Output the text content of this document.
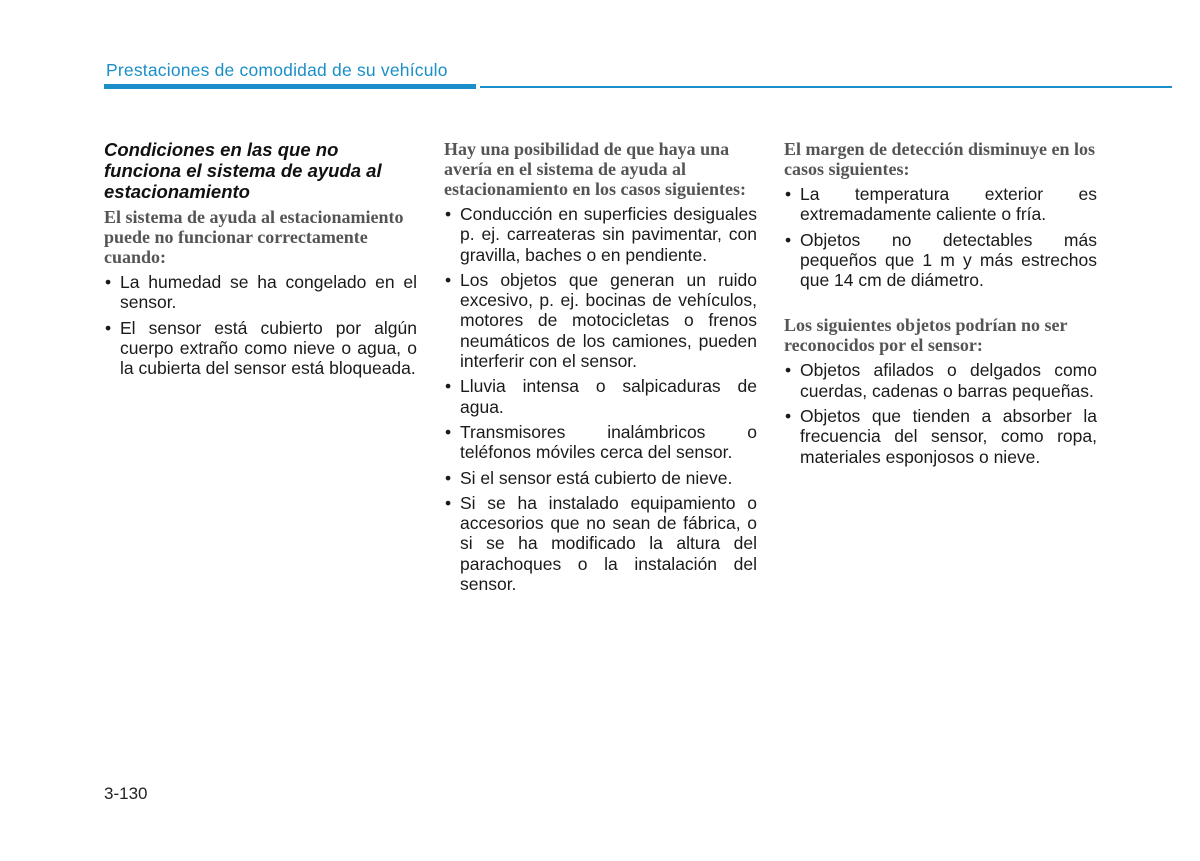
Prestaciones de comodidad de su vehículo
Condiciones en las que no funciona el sistema de ayuda al estacionamiento
El sistema de ayuda al estacionamiento puede no funcionar correctamente cuando:
• La humedad se ha congelado en el sensor.
• El sensor está cubierto por algún cuerpo extraño como nieve o agua, o la cubierta del sensor está bloqueada.
Hay una posibilidad de que haya una avería en el sistema de ayuda al estacionamiento en los casos siguientes:
• Conducción en superficies desiguales p. ej. carreateras sin pavimentar, con gravilla, baches o en pendiente.
• Los objetos que generan un ruido excesivo, p. ej. bocinas de vehículos, motores de motocicletas o frenos neumáticos de los camiones, pueden interferir con el sensor.
• Lluvia intensa o salpicaduras de agua.
• Transmisores inalámbricos o teléfonos móviles cerca del sensor.
• Si el sensor está cubierto de nieve.
• Si se ha instalado equipamiento o accesorios que no sean de fábrica, o si se ha modificado la altura del parachoques o la instalación del sensor.
El margen de detección disminuye en los casos siguientes:
• La temperatura exterior es extremadamente caliente o fría.
• Objetos no detectables más pequeños que 1 m y más estrechos que 14 cm de diámetro.
Los siguientes objetos podrían no ser reconocidos por el sensor:
• Objetos afilados o delgados como cuerdas, cadenas o barras pequeñas.
• Objetos que tienden a absorber la frecuencia del sensor, como ropa, materiales esponjosos o nieve.
3-130
